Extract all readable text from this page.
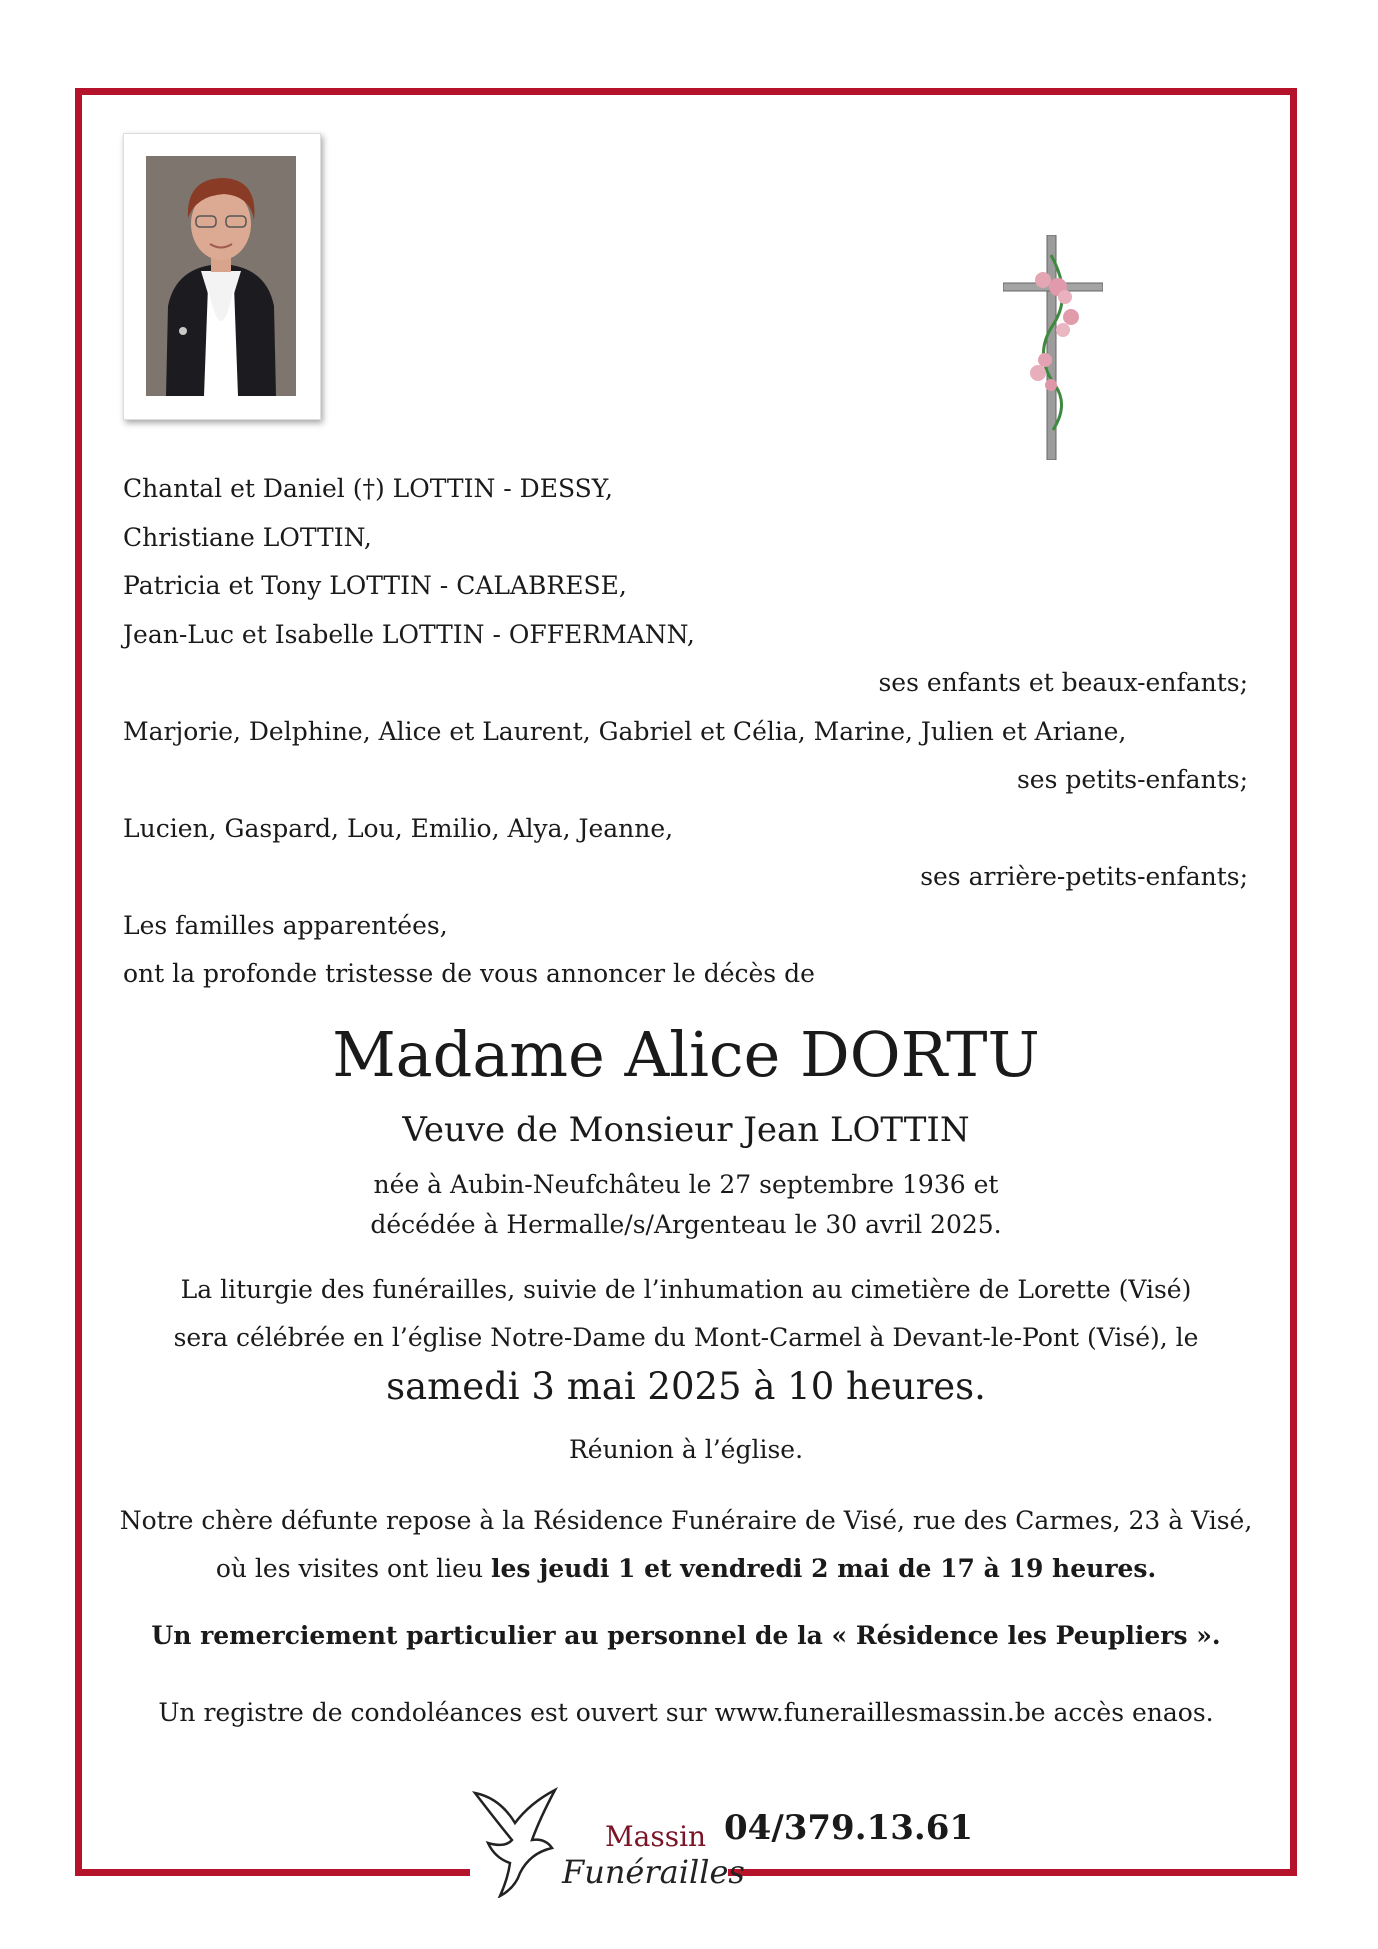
Chantal et Daniel (†) LOTTIN - DESSY,
Christiane LOTTIN,
Patricia et Tony LOTTIN - CALABRESE,
Jean-Luc et Isabelle LOTTIN - OFFERMANN,
ses enfants et beaux-enfants;
Marjorie, Delphine, Alice et Laurent, Gabriel et Célia, Marine, Julien et Ariane,
ses petits-enfants;
Lucien, Gaspard, Lou, Emilio, Alya, Jeanne,
ses arrière-petits-enfants;
Les familles apparentées,
ont la profonde tristesse de vous annoncer le décès de
Madame Alice DORTU
Veuve de Monsieur Jean LOTTIN
née à Aubin-Neufchâteu le 27 septembre 1936 et
décédée à Hermalle/s/Argenteau le 30 avril 2025.
La liturgie des funérailles, suivie de l’inhumation au cimetière de Lorette (Visé)
sera célébrée en l’église Notre-Dame du Mont-Carmel à Devant-le-Pont (Visé), le
samedi 3 mai 2025 à 10 heures.
Réunion à l’église.
Notre chère défunte repose à la Résidence Funéraire de Visé, rue des Carmes, 23 à Visé,
où les visites ont lieu les jeudi 1 et vendredi 2 mai de 17 à 19 heures.
Un remerciement particulier au personnel de la « Résidence les Peupliers ».
Un registre de condoléances est ouvert sur www.funeraillesmassin.be accès enaos.
Massin
Funérailles
04/379.13.61
